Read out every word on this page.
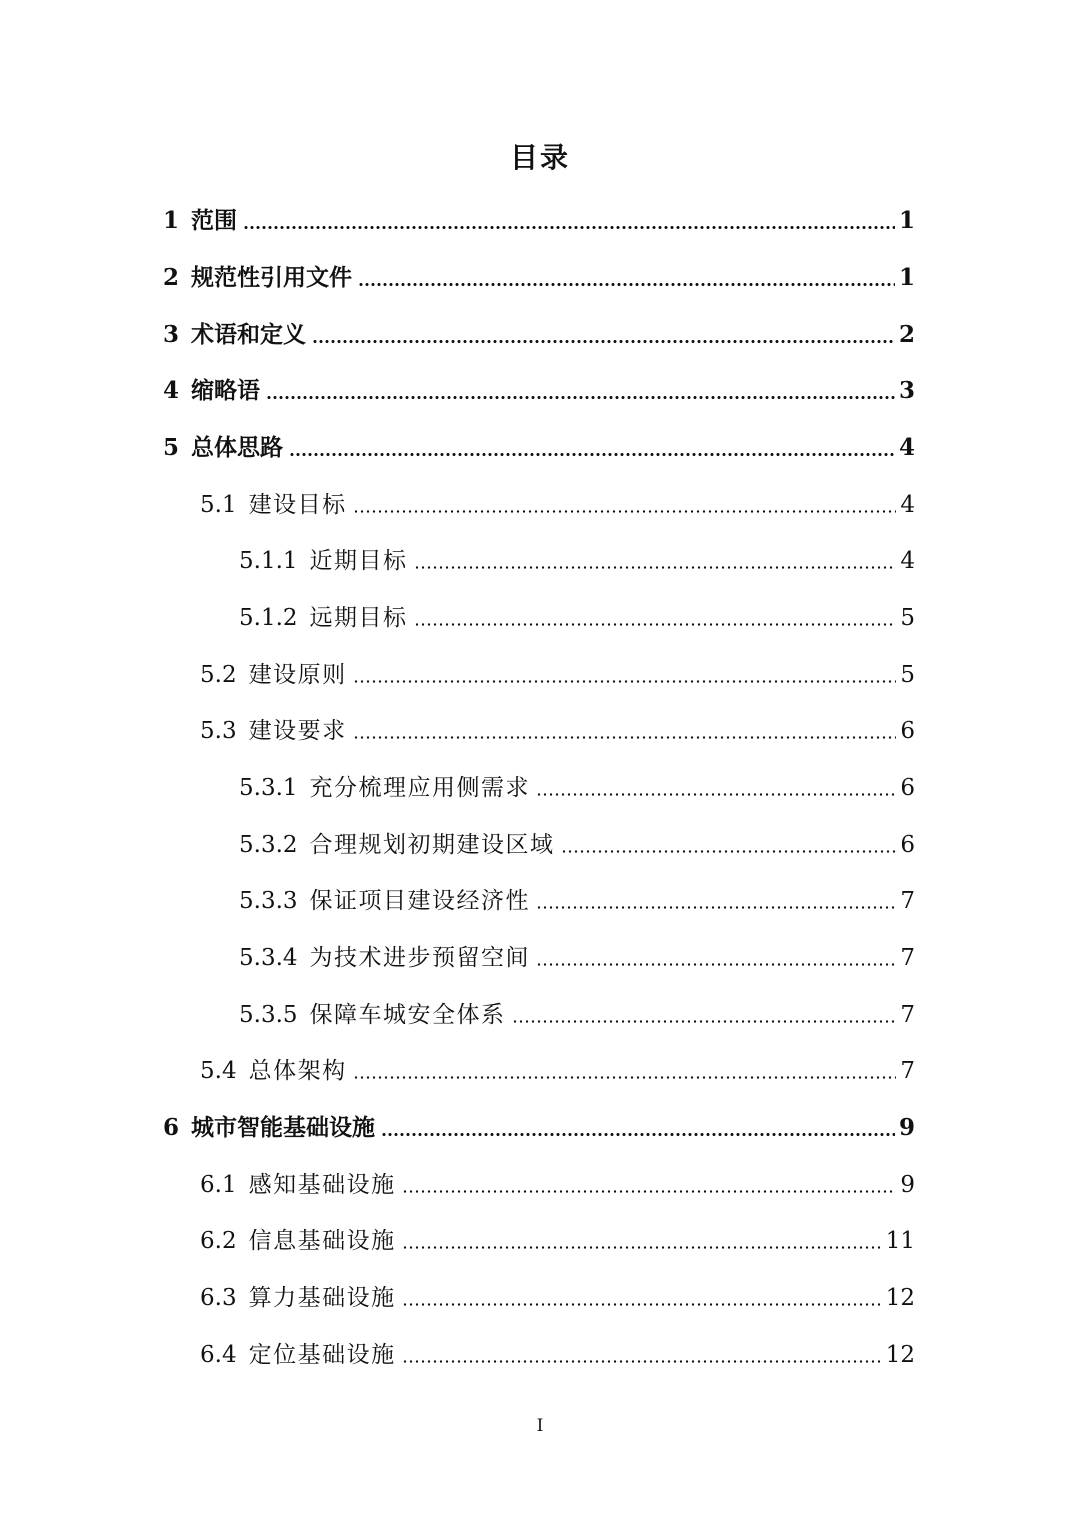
目录
1 范围	1
2 规范性引用文件	1
3 术语和定义	2
4 缩略语	3
5 总体思路	4
5.1 建设目标	4
5.1.1 近期目标	4
5.1.2 远期目标	5
5.2 建设原则	5
5.3 建设要求	6
5.3.1 充分梳理应用侧需求	6
5.3.2 合理规划初期建设区域	6
5.3.3 保证项目建设经济性	7
5.3.4 为技术进步预留空间	7
5.3.5 保障车城安全体系	7
5.4 总体架构	7
6 城市智能基础设施	9
6.1 感知基础设施	9
6.2 信息基础设施	11
6.3 算力基础设施	12
6.4 定位基础设施	12

I
